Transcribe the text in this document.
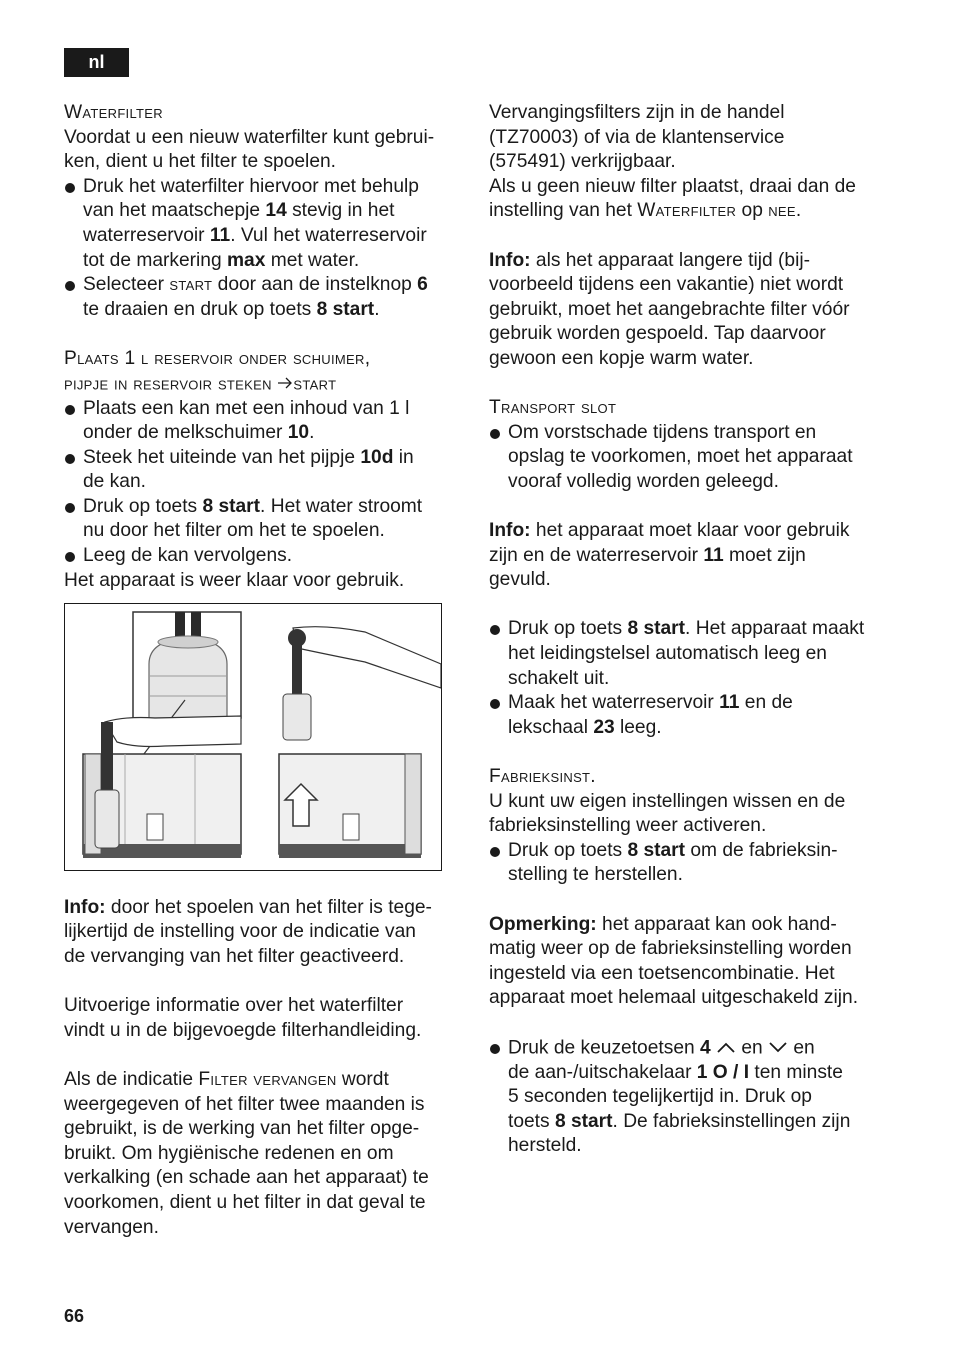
nl

Waterfilter

Voordat u een nieuw waterfilter kunt gebrui-

ken, dient u het filter te spoelen.

Druk het waterfilter hiervoor met behulp

van het maatschepje 14 stevig in het

waterreservoir 11. Vul het waterreservoir

tot de markering max met water.

Selecteer start door aan de instelknop 6

te draaien en druk op toets 8 start.

Plaats 1 l reservoir onder schuimer,

pijpje in reservoir steken start

Plaats een kan met een inhoud van 1 l

onder de melkschuimer 10.

Steek het uiteinde van het pijpje 10d in

de kan.

Druk op toets 8 start. Het water stroomt

nu door het filter om het te spoelen.

Leeg de kan vervolgens.

Het apparaat is weer klaar voor gebruik.

Info: door het spoelen van het filter is tege-

lijkertijd de instelling voor de indicatie van

de vervanging van het filter geactiveerd.

Uitvoerige informatie over het waterfilter

vindt u in de bijgevoegde filterhandleiding.

Als de indicatie Filter vervangen wordt

weergegeven of het filter twee maanden is

gebruikt, is de werking van het filter opge-

bruikt. Om hygiënische redenen en om

verkalking (en schade aan het apparaat) te

voorkomen, dient u het filter in dat geval te

vervangen.

Vervangingsfilters zijn in de handel

(TZ70003) of via de klantenservice

(575491) verkrijgbaar.

Als u geen nieuw filter plaatst, draai dan de

instelling van het Waterfilter op nee.

Info: als het apparaat langere tijd (bij-

voorbeeld tijdens een vakantie) niet wordt

gebruikt, moet het aangebrachte filter vóór

gebruik worden gespoeld. Tap daarvoor

gewoon een kopje warm water.

Transport slot

Om vorstschade tijdens transport en

opslag te voorkomen, moet het apparaat

vooraf volledig worden geleegd.

Info: het apparaat moet klaar voor gebruik

zijn en de waterreservoir 11 moet zijn

gevuld.

Druk op toets 8 start. Het apparaat maakt

het leidingstelsel automatisch leeg en

schakelt uit.

Maak het waterreservoir 11 en de

lekschaal 23 leeg.

Fabrieksinst.

U kunt uw eigen instellingen wissen en de

fabrieksinstelling weer activeren.

Druk op toets 8 start om de fabrieksin-

stelling te herstellen.

Opmerking: het apparaat kan ook hand-

matig weer op de fabrieksinstelling worden

ingesteld via een toetsencombinatie. Het

apparaat moet helemaal uitgeschakeld zijn.

Druk de keuzetoetsen 4  en  en

de aan-/uitschakelaar 1 O / I ten minste

5 seconden tegelijkertijd in. Druk op

toets 8 start. De fabrieksinstellingen zijn

hersteld.

66
